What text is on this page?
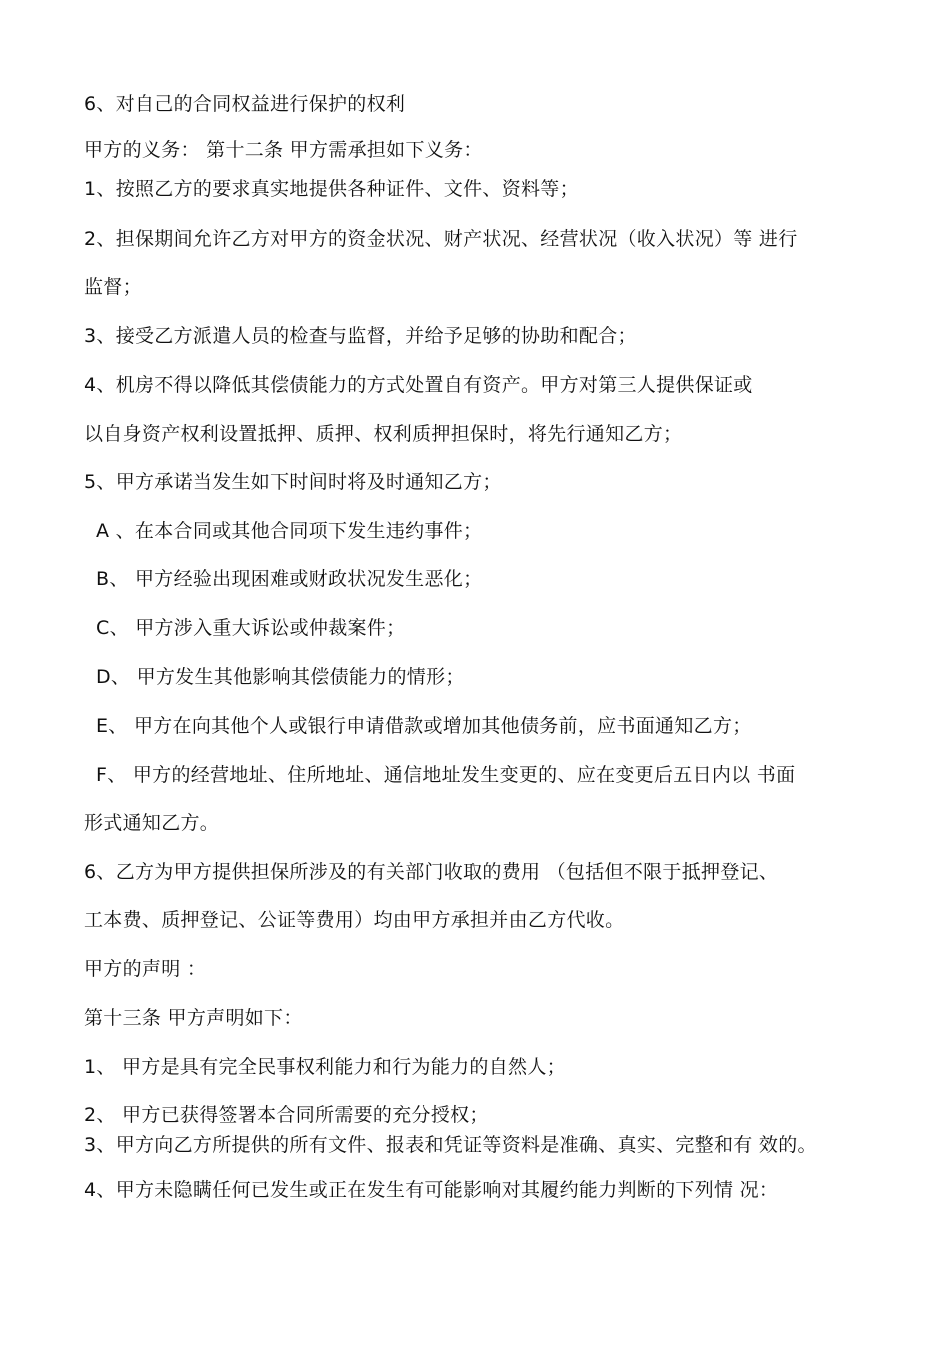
6、对自己的合同权益进行保护的权利
甲方的义务： 第十二条 甲方需承担如下义务：
1、按照乙方的要求真实地提供各种证件、文件、资料等；
2、担保期间允许乙方对甲方的资金状况、财产状况、经营状况（收入状况）等 进行
监督；
3、接受乙方派遣人员的检查与监督，并给予足够的协助和配合；
4、机房不得以降低其偿债能力的方式处置自有资产。甲方对第三人提供保证或
以自身资产权利设置抵押、质押、权利质押担保时，将先行通知乙方；
5、甲方承诺当发生如下时间时将及时通知乙方；
A 、在本合同或其他合同项下发生违约事件；
B、 甲方经验出现困难或财政状况发生恶化；
C、 甲方涉入重大诉讼或仲裁案件；
D、 甲方发生其他影响其偿债能力的情形；
E、 甲方在向其他个人或银行申请借款或增加其他债务前，应书面通知乙方；
F、 甲方的经营地址、住所地址、通信地址发生变更的、应在变更后五日内以 书面
形式通知乙方。
6、乙方为甲方提供担保所涉及的有关部门收取的费用 （包括但不限于抵押登记、
工本费、质押登记、公证等费用）均由甲方承担并由乙方代收。
甲方的声明 ：
第十三条 甲方声明如下：
1、 甲方是具有完全民事权利能力和行为能力的自然人；
2、 甲方已获得签署本合同所需要的充分授权；
3、甲方向乙方所提供的所有文件、报表和凭证等资料是准确、真实、完整和有 效的。
4、甲方未隐瞒任何已发生或正在发生有可能影响对其履约能力判断的下列情 况：
